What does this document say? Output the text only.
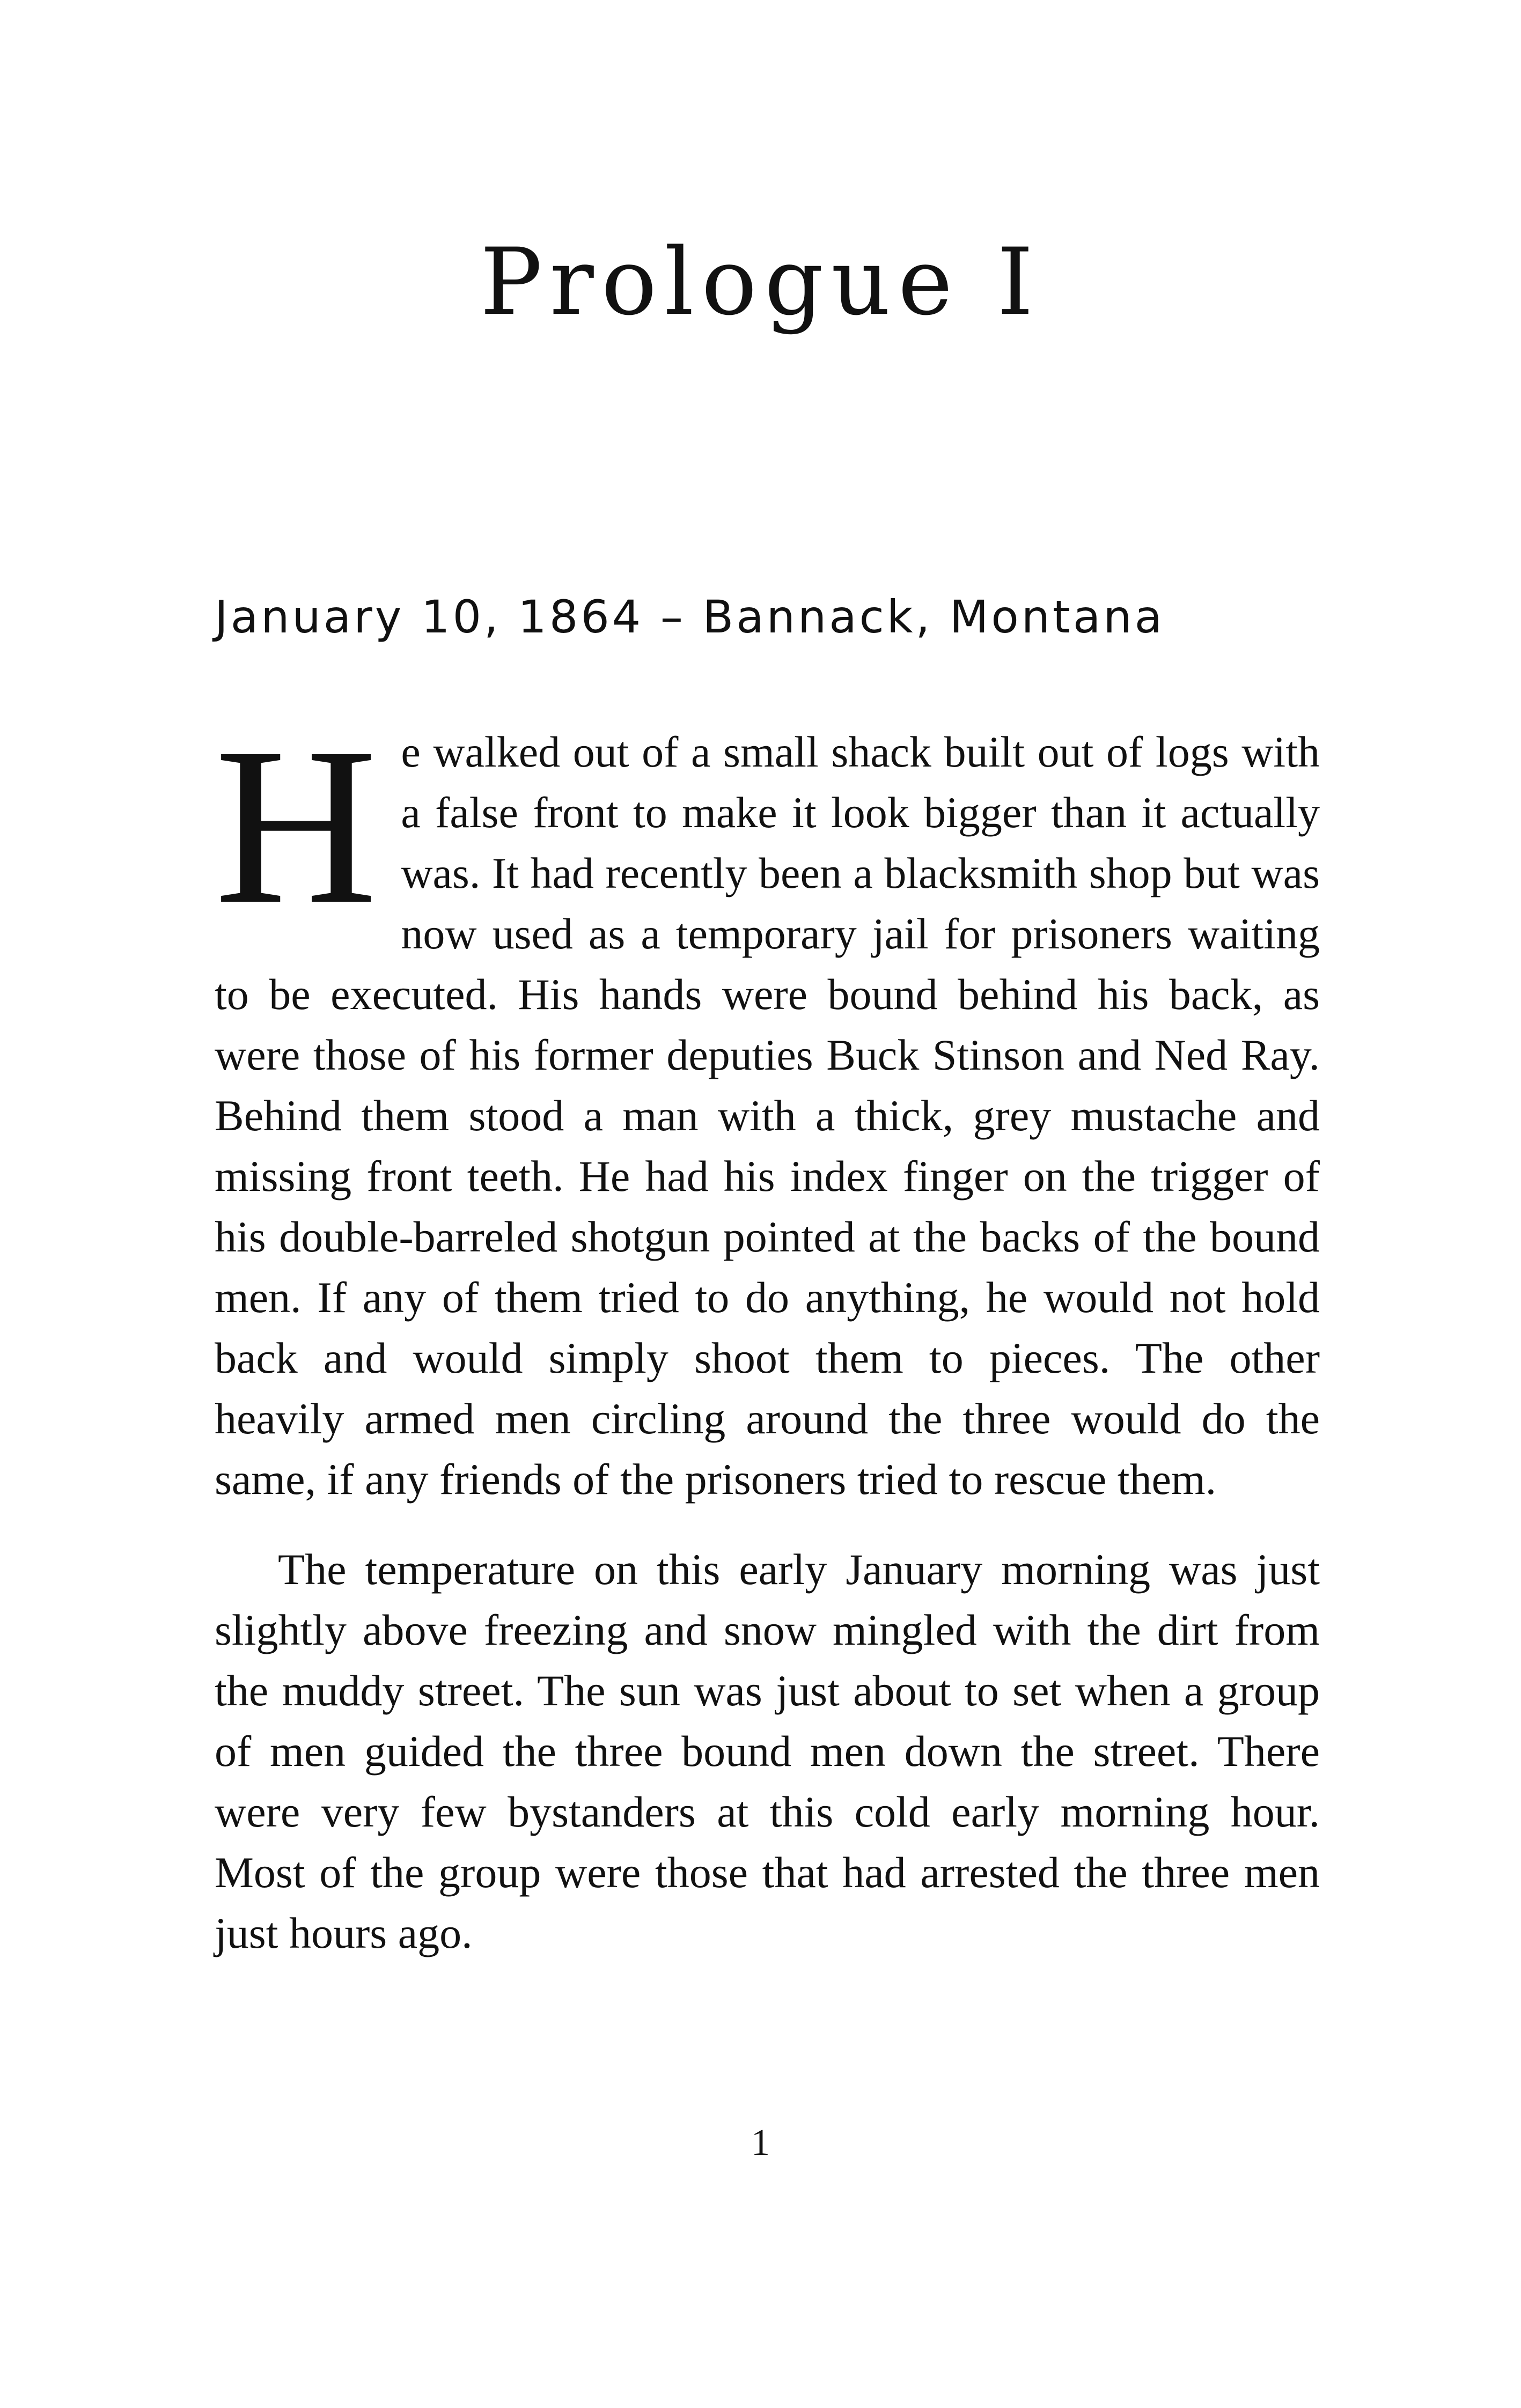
Prologue I
January 10, 1864 – Bannack, Montana

He walked out of a small shack built out of logs with a false front to make it look bigger than it actually was. It had recently been a blacksmith shop but was now used as a temporary jail for prisoners waiting to be executed. His hands were bound behind his back, as were those of his former deputies Buck Stinson and Ned Ray. Behind them stood a man with a thick, grey mustache and missing front teeth. He had his index finger on the trigger of his double-barreled shotgun pointed at the backs of the bound men. If any of them tried to do anything, he would not hold back and would simply shoot them to pieces. The other heavily armed men circling around the three would do the same, if any friends of the prisoners tried to rescue them.

The temperature on this early January morning was just slightly above freezing and snow mingled with the dirt from the muddy street. The sun was just about to set when a group of men guided the three bound men down the street. There were very few bystanders at this cold early morning hour. Most of the group were those that had arrested the three men just hours ago.

1
